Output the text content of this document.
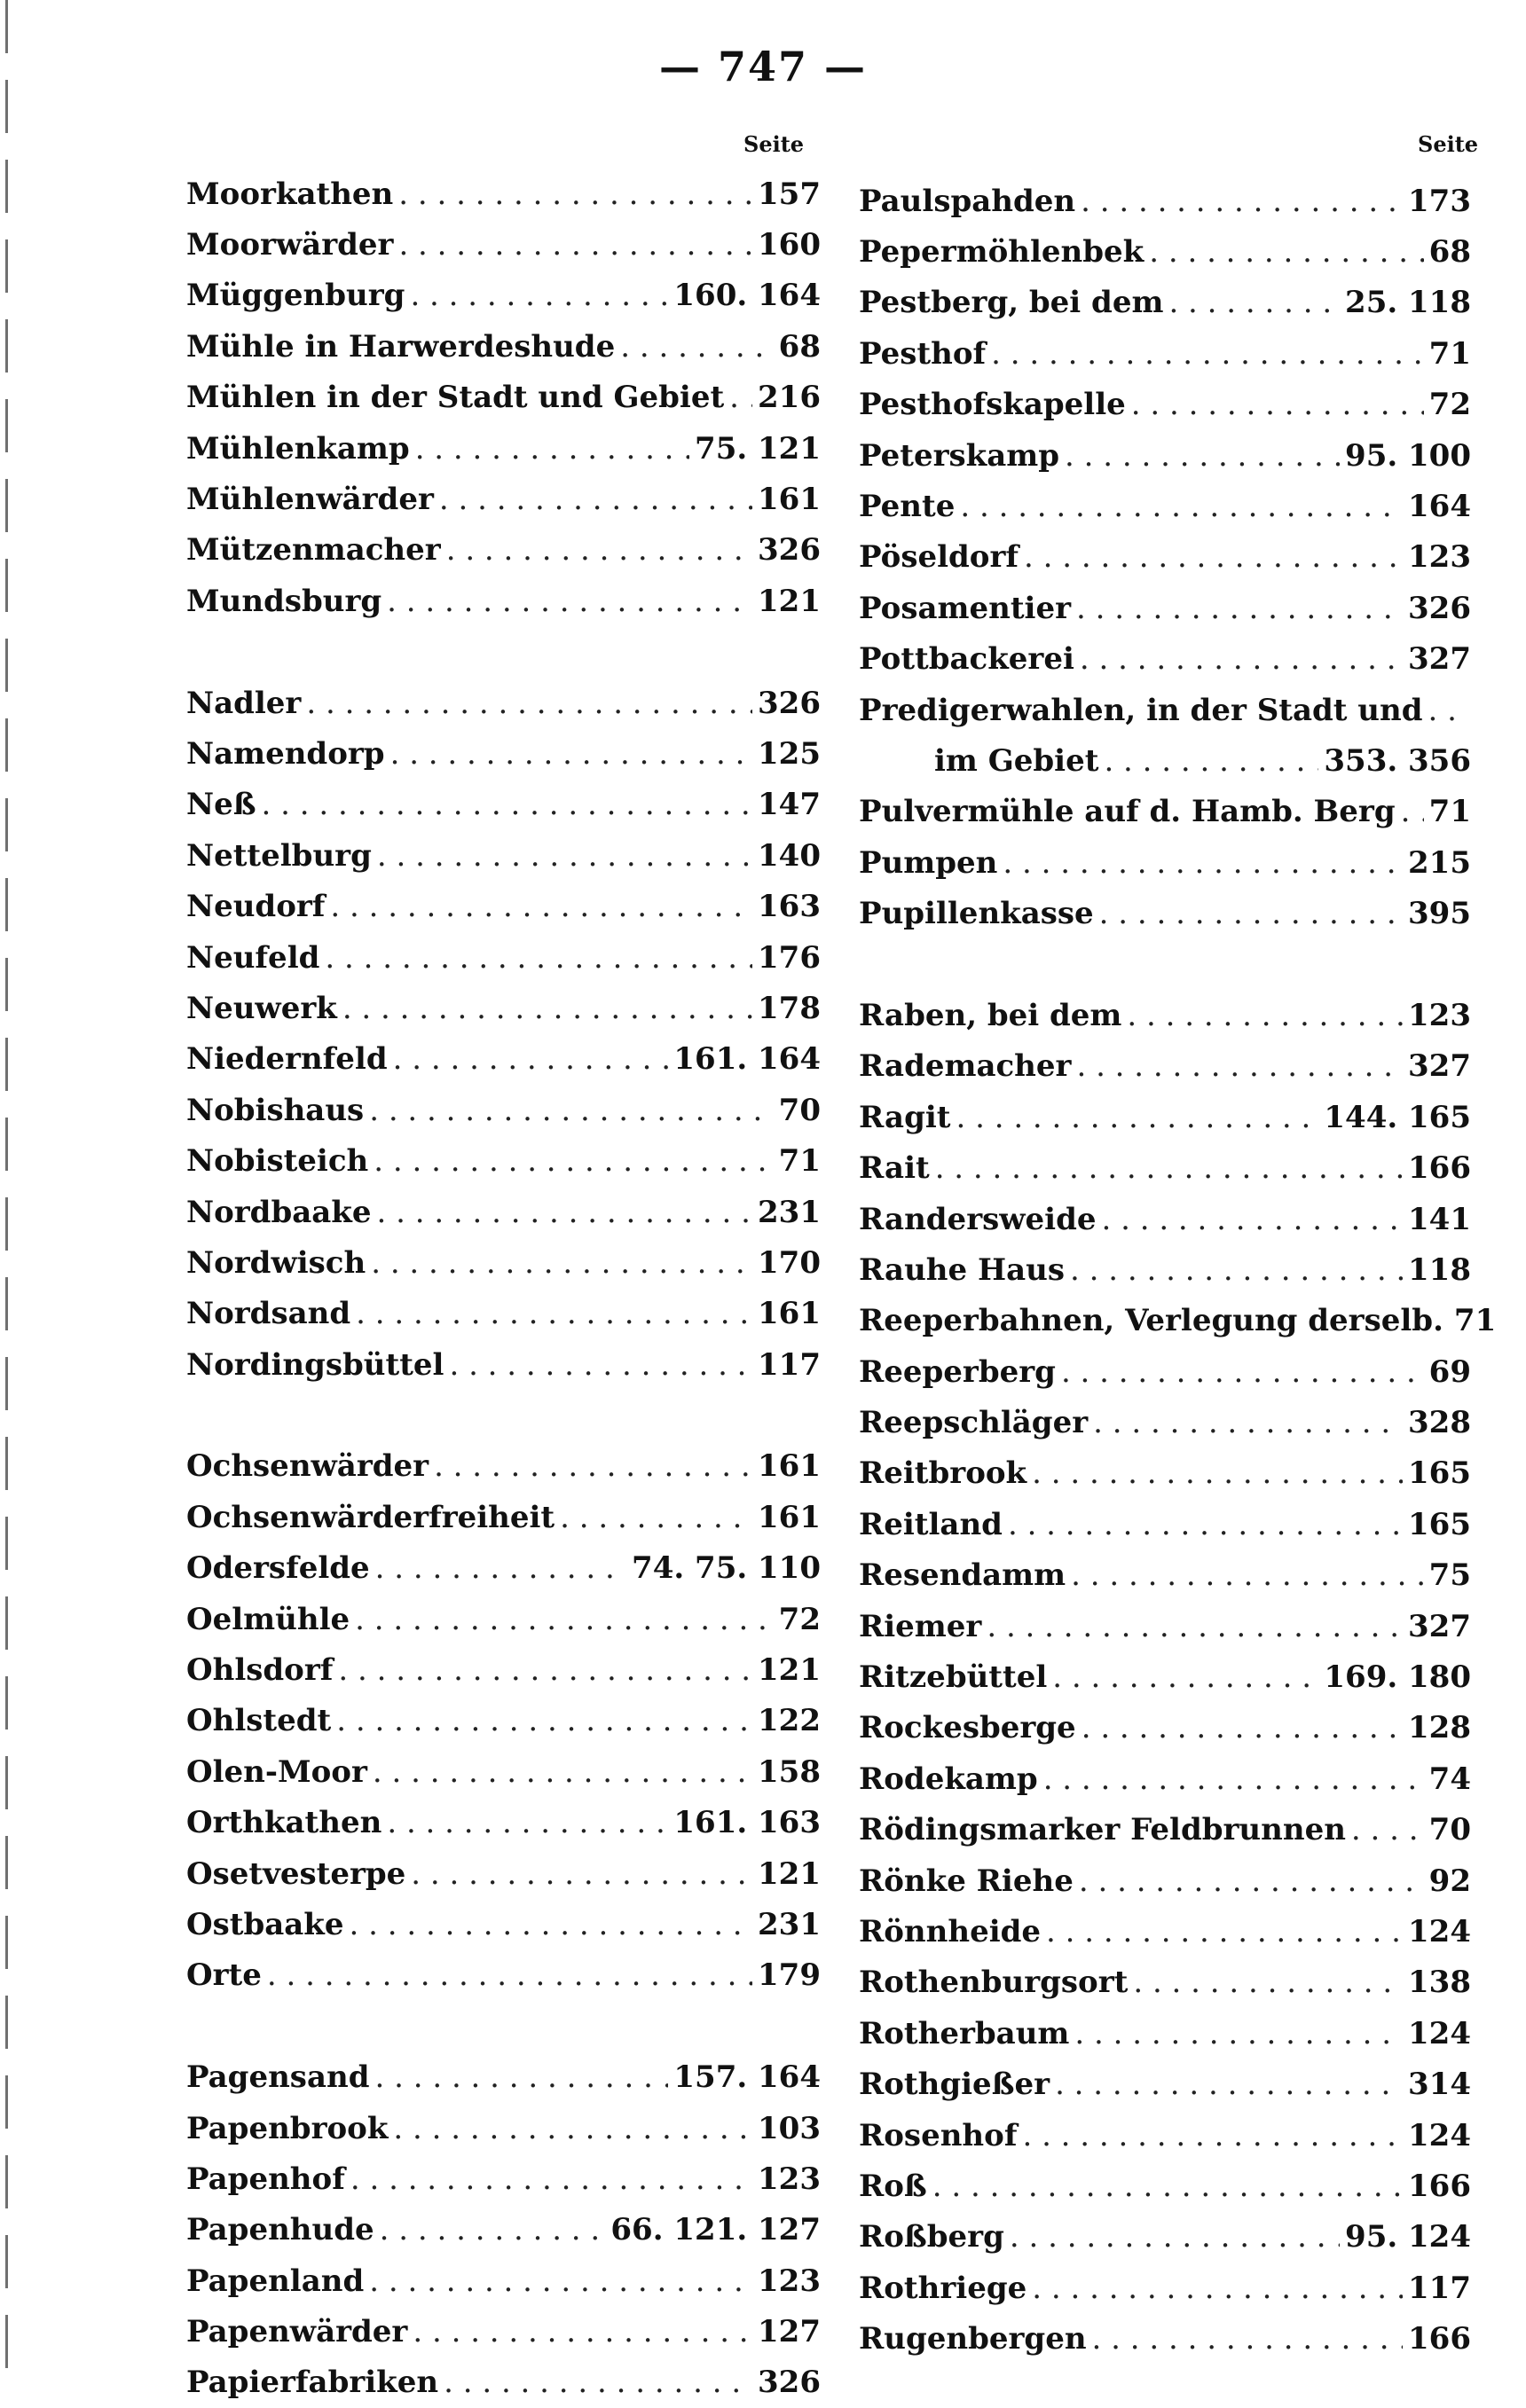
— 747 —
Seite	Seite
Moorkathen . . .	157
Moorwärder . . .	160
Müggenburg . . .	160. 164
Mühle in Harwerdeshude . . .	68
Mühlen in der Stadt und Gebiet . . . 216
Mühlenkamp . . .	75. 121
Mühlenwärder . . .	161
Mützenmacher . . .	326
Mundsburg . . .	121
Nadler . . .	326
Namendorp . . .	125
Neß . . .	147
Nettelburg . . .	140
Neudorf . . .	163
Neufeld . . .	176
Neuwerk . . .	178
Niedernfeld . . .	161. 164
Nobishaus . . .	70
Nobisteich . . .	71
Nordbaake . . .	231
Nordwisch . . .	170
Nordsand . . .	161
Nordingsbüttel . . .	117
Ochsenwärder . . .	161
Ochsenwärderfreiheit . . .	161
Odersfelde . . .	74. 75. 110
Oelmühle . . .	72
Ohlsdorf . . .	121
Ohlstedt . . .	122
Olen-Moor . . .	158
Orthkathen . . .	161. 163
Osetvesterpe . . .	121
Ostbaake . . .	231
Orte . . .	179
Pagensand . . .	157. 164
Papenbrook . . .	103
Papenhof . . .	123
Papenhude . . .	66. 121. 127
Papenland . . .	123
Papenwärder . . .	127
Papierfabriken . . .	326
Paulspahden . . .	173
Pepermöhlenbek . . .	68
Pestberg, bei dem . . .	25. 118
Pesthof . . .	71
Pesthofskapelle . . .	72
Peterskamp . . .	95. 100
Pente . . .	164
Pöseldorf . . .	123
Posamentier . . .	326
Pottbackerei . . .	327
Predigerwahlen, in der Stadt und
. . .
im Gebiet . . .	353. 356
Pulvermühle auf d. Hamb. Berg . . . 71
Pumpen . . .	215
Pupillenkasse . . .	395
Raben, bei dem . . .	123
Rademacher . . .	327
Ragit . . .	144. 165
Rait . . .	166
Randersweide . . .	141
Rauhe Haus . . .	118
Reeperbahnen, Verlegung derselb. 71
Reeperberg . . .	69
Reepschläger . . .	328
Reitbrook . . .	165
Reitland . . .	165
Resendamm . . .	75
Riemer . . .	327
Ritzebüttel . . .	169. 180
Rockesberge . . .	128
Rodekamp . . .	74
Rödingsmarker Feldbrunnen . . .	70
Rönke Riehe . . .	92
Rönnheide . . .	124
Rothenburgsort . . .	138
Rotherbaum . . .	124
Rothgießer . . .	314
Rosenhof . . .	124
Roß . . .	166
Roßberg . . .	95. 124
Rothriege . . .	117
Rugenbergen . . .	166
